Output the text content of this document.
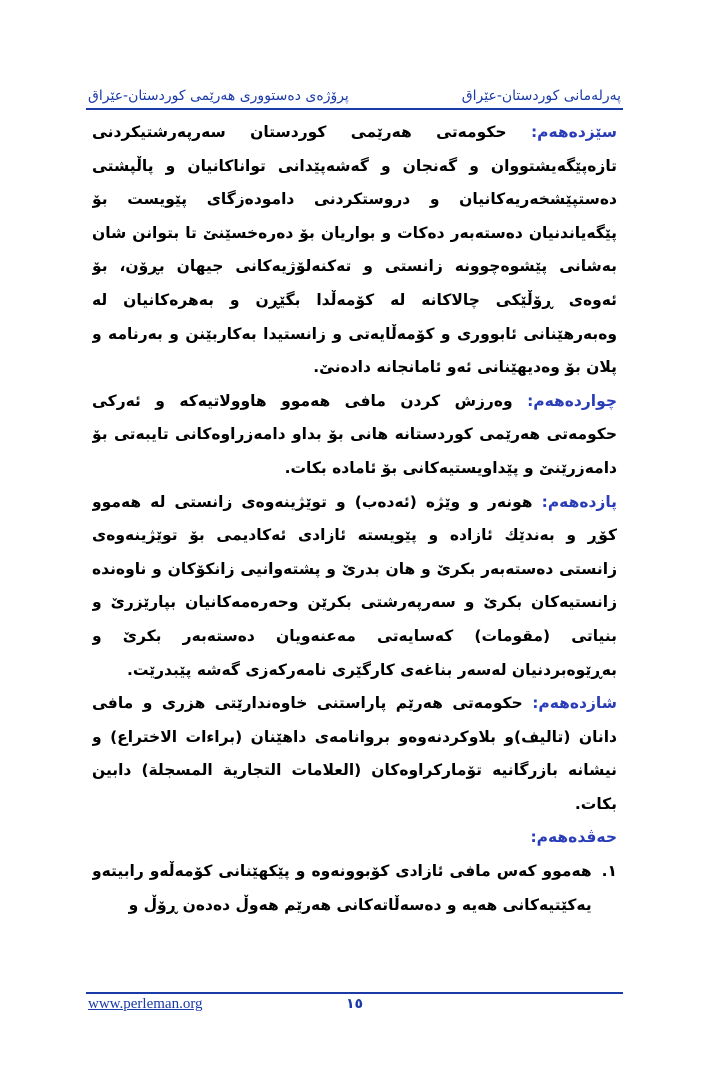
پەرلەمانی کوردستان-عێراق
پرۆژەی دەستووری هەرێمی کوردستان-عێراق

سێزدەهەم: حکومەتی هەرێمی کوردستان سەرپەرشتیکردنی تازەپێگەیشتووان و گەنجان و گەشەپێدانی تواناکانیان و پاڵپشتی دەستپێشخەریەکانیان و دروستکردنی دامودەزگای پێویست بۆ پێگەیاندنیان دەستەبەر دەکات و بواریان بۆ دەرەخسێنێ تا بتوانن شان بەشانی پێشوەچوونە زانستی و تەکنەلۆژیەکانی جیهان بڕۆن، بۆ ئەوەی ڕۆڵێکی چالاکانە لە کۆمەڵدا بگێڕن و بەهرەکانیان لە وەبەرهێنانی ئابووری و کۆمەڵایەتی و زانستیدا بەکاربێنن و بەرنامە و پلان بۆ وەدیهێنانی ئەو ئامانجانە دادەنێ.

چواردەهەم: وەرزش کردن مافی هەموو هاوولاتیەکە و ئەرکی حکومەتی هەرێمی کوردستانە هانی بۆ بداو دامەزراوەکانی تایبەتی بۆ دامەزرێنێ و پێداویستیەکانی بۆ ئامادە بکات.

پازدەهەم: هونەر و وێژە (ئەدەب) و توێژینەوەی زانستی لە هەموو کۆڕ و بەندێك ئازادە و پێویستە ئازادی ئەکادیمی بۆ توێژینەوەی زانستی دەستەبەر بکرێ و هان بدرێ و پشتەوانیی زانکۆکان و ناوەندە زانستیەکان بکرێ و سەرپەرشتی بکرێن وحەرەمەکانیان بپارێزرێ و بنیاتی (مقومات) کەسایەتی مەعنەویان دەستەبەر بکرێ و بەڕێوەبردنیان لەسەر بناغەی کارگێری نامەرکەزی گەشە پێبدرێت.

شازدەهەم: حکومەتی هەرێم پاراستنی خاوەندارێتی هزری و مافی دانان (تالیف)و بلاوکردنەوەو بروانامەی داهێنان (براءات الاختراع) و نیشانە بازرگانیە تۆمارکراوەکان (العلامات التجارية المسجلة) دابین بکات.

حەڤدەهەم:

١.
هەموو کەس مافی ئازادی کۆبوونەوە و پێکهێنانی کۆمەڵەو رابیتەو یەکێتیەکانی هەیە و دەسەڵاتەکانی هەرێم هەوڵ دەدەن ڕۆڵ و
www.perleman.org	١٥
